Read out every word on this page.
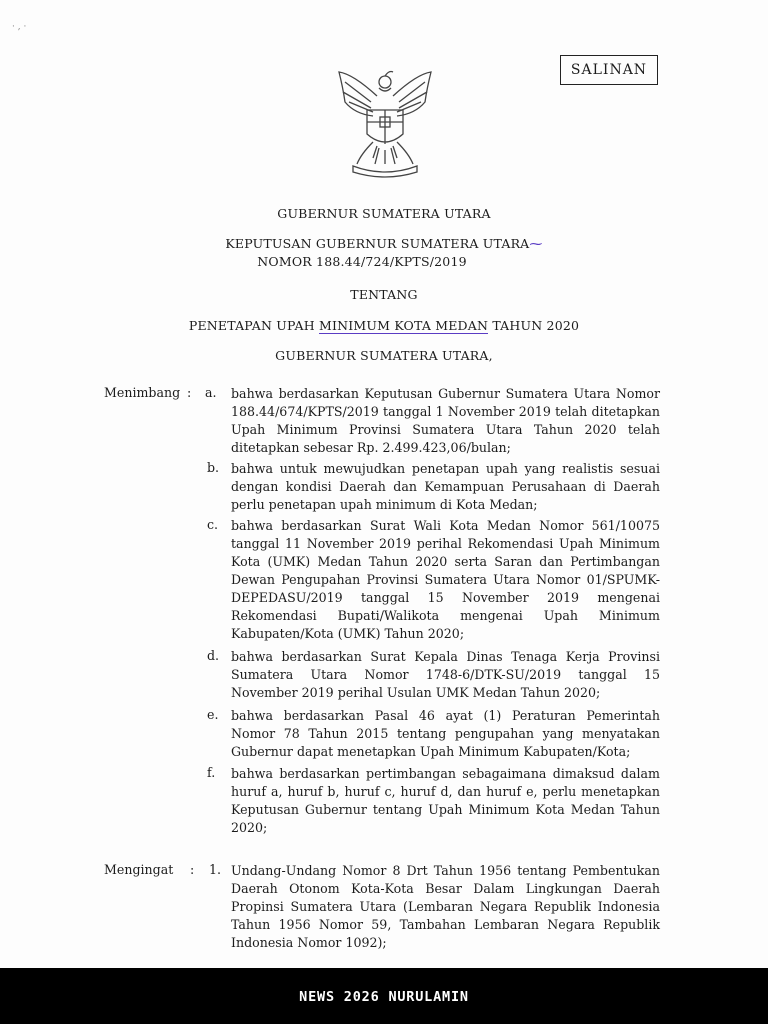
· , ·
SALINAN
GUBERNUR SUMATERA UTARA
KEPUTUSAN GUBERNUR SUMATERA UTARA⁓
NOMOR 188.44/724/KPTS/2019
TENTANG
PENETAPAN UPAH MINIMUM KOTA MEDAN TAHUN 2020
GUBERNUR SUMATERA UTARA,
Menimbang : a.	bahwa berdasarkan Keputusan Gubernur Sumatera Utara Nomor 188.44/674/KPTS/2019 tanggal 1 November 2019 telah ditetapkan Upah Minimum Provinsi Sumatera Utara Tahun 2020 telah ditetapkan sebesar Rp. 2.499.423,06/bulan;
b. bahwa untuk mewujudkan penetapan upah yang realistis sesuai dengan kondisi Daerah dan Kemampuan Perusahaan di Daerah perlu penetapan upah minimum di Kota Medan;
c.	bahwa berdasarkan Surat Wali Kota Medan Nomor 561/10075 tanggal 11 November 2019 perihal Rekomendasi Upah Minimum Kota (UMK) Medan Tahun 2020 serta Saran dan Pertimbangan Dewan Pengupahan Provinsi Sumatera Utara Nomor 01/SPUMK-DEPEDASU/2019 tanggal 15 November 2019 mengenai Rekomendasi Bupati/Walikota mengenai Upah Minimum Kabupaten/Kota (UMK) Tahun 2020;
d. bahwa berdasarkan Surat Kepala Dinas Tenaga Kerja Provinsi Sumatera Utara Nomor 1748-6/DTK-SU/2019 tanggal 15 November 2019 perihal Usulan UMK Medan Tahun 2020;
e. bahwa berdasarkan Pasal 46 ayat (1) Peraturan Pemerintah Nomor 78 Tahun 2015 tentang pengupahan yang menyatakan Gubernur dapat menetapkan Upah Minimum Kabupaten/Kota;
f.	bahwa berdasarkan pertimbangan sebagaimana dimaksud dalam huruf a, huruf b, huruf c, huruf d, dan huruf e, perlu menetapkan Keputusan Gubernur tentang Upah Minimum Kota Medan Tahun 2020;
Mengingat : 1. Undang-Undang Nomor 8 Drt Tahun 1956 tentang Pembentukan Daerah Otonom Kota-Kota Besar Dalam Lingkungan Daerah Propinsi Sumatera Utara (Lembaran Negara Republik Indonesia Tahun 1956 Nomor 59, Tambahan Lembaran Negara Republik Indonesia Nomor 1092);
NEWS 2026 NURULAMIN
